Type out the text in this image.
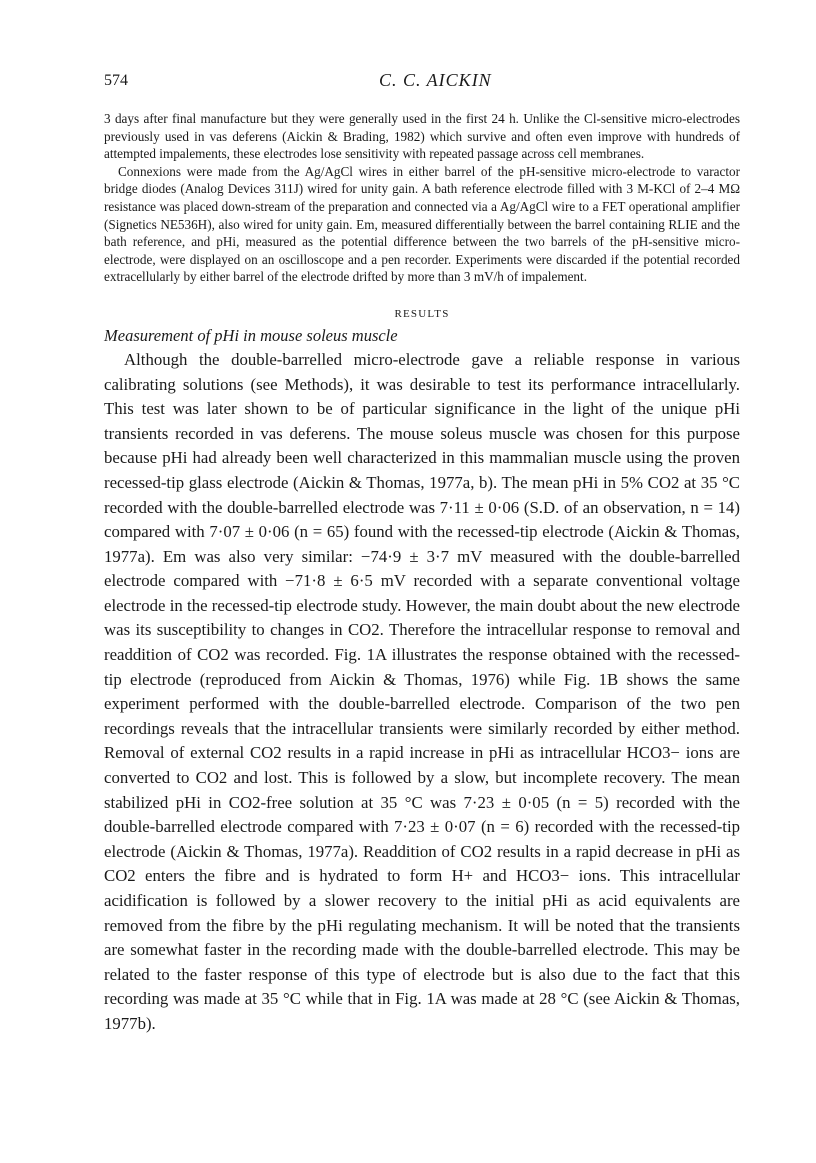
574	C. C. AICKIN

3 days after final manufacture but they were generally used in the first 24 h. Unlike the Cl-sensitive micro-electrodes previously used in vas deferens (Aickin & Brading, 1982) which survive and often even improve with hundreds of attempted impalements, these electrodes lose sensitivity with repeated passage across cell membranes.

Connexions were made from the Ag/AgCl wires in either barrel of the pH-sensitive micro-electrode to varactor bridge diodes (Analog Devices 311J) wired for unity gain. A bath reference electrode filled with 3 M-KCl of 2–4 MΩ resistance was placed down-stream of the preparation and connected via a Ag/AgCl wire to a FET operational amplifier (Signetics NE536H), also wired for unity gain. Em, measured differentially between the barrel containing RLIE and the bath reference, and pHi, measured as the potential difference between the two barrels of the pH-sensitive micro-electrode, were displayed on an oscilloscope and a pen recorder. Experiments were discarded if the potential recorded extracellularly by either barrel of the electrode drifted by more than 3 mV/h of impalement.

RESULTS

Measurement of pHi in mouse soleus muscle

Although the double-barrelled micro-electrode gave a reliable response in various calibrating solutions (see Methods), it was desirable to test its performance intracellularly. This test was later shown to be of particular significance in the light of the unique pHi transients recorded in vas deferens. The mouse soleus muscle was chosen for this purpose because pHi had already been well characterized in this mammalian muscle using the proven recessed-tip glass electrode (Aickin & Thomas, 1977a, b). The mean pHi in 5% CO2 at 35 °C recorded with the double-barrelled electrode was 7·11 ± 0·06 (S.D. of an observation, n = 14) compared with 7·07 ± 0·06 (n = 65) found with the recessed-tip electrode (Aickin & Thomas, 1977a). Em was also very similar: −74·9 ± 3·7 mV measured with the double-barrelled electrode compared with −71·8 ± 6·5 mV recorded with a separate conventional voltage electrode in the recessed-tip electrode study. However, the main doubt about the new electrode was its susceptibility to changes in CO2. Therefore the intracellular response to removal and readdition of CO2 was recorded. Fig. 1A illustrates the response obtained with the recessed-tip electrode (reproduced from Aickin & Thomas, 1976) while Fig. 1B shows the same experiment performed with the double-barrelled electrode. Comparison of the two pen recordings reveals that the intracellular transients were similarly recorded by either method. Removal of external CO2 results in a rapid increase in pHi as intracellular HCO3− ions are converted to CO2 and lost. This is followed by a slow, but incomplete recovery. The mean stabilized pHi in CO2-free solution at 35 °C was 7·23 ± 0·05 (n = 5) recorded with the double-barrelled electrode compared with 7·23 ± 0·07 (n = 6) recorded with the recessed-tip electrode (Aickin & Thomas, 1977a). Readdition of CO2 results in a rapid decrease in pHi as CO2 enters the fibre and is hydrated to form H+ and HCO3− ions. This intracellular acidification is followed by a slower recovery to the initial pHi as acid equivalents are removed from the fibre by the pHi regulating mechanism. It will be noted that the transients are somewhat faster in the recording made with the double-barrelled electrode. This may be related to the faster response of this type of electrode but is also due to the fact that this recording was made at 35 °C while that in Fig. 1A was made at 28 °C (see Aickin & Thomas, 1977b).
